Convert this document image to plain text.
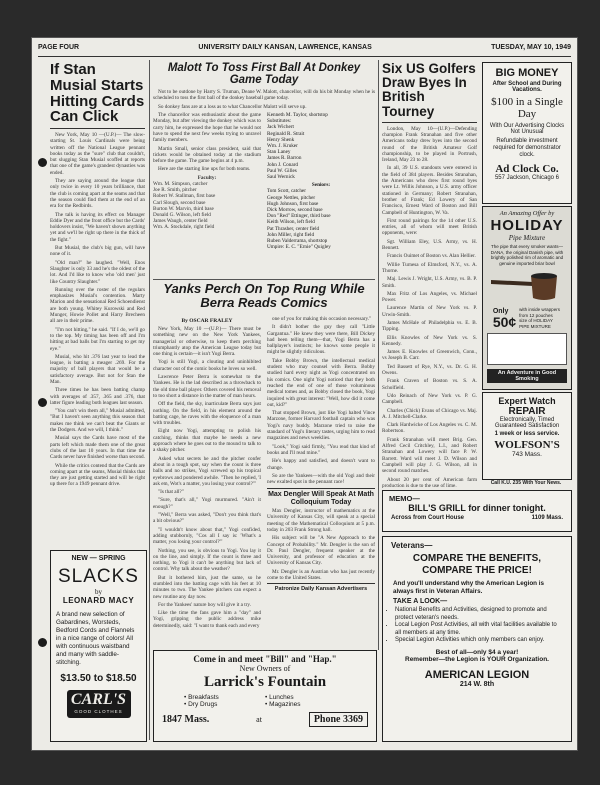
PAGE FOUR	UNIVERSITY DAILY KANSAN, LAWRENCE, KANSAS	TUESDAY, MAY 10, 1949
If Stan Musial Starts Hitting Cards Can Click

New York, May 10 —(U.P.)— The slow-starting St. Louis Cardinals were being written off the National League pennant books today as the "sure" club that couldn't, but slugging Stan Musial scoffed at reports that one of the game's grandest dynasties was ended.

They are saying around the league that only twice in every 10 years brilliance, that the club is coming apart at the seams and that the season could find them at the end of an era for the Redbirds.

The talk is having its effect on Manager Eddie Dyer and the front office but the Cards' holdovers insist, "We haven't shown anything yet and we'll be right up there in the thick of the fight."

But Musial, the club's big gun, will have none of it.

"Old man?" he laughed. "Well, Enos Slaughter is only 33 and he's the oldest of the lot. And I'd like to know who 'old men' just like Country Slaughter."

Running over the roster of the regulars emphasizes Musial's contention. Marty Marion and the sensational Red Schoendienst are both young. Whitey Kurowski and Red Munger, Howie Pollet and Harry Brecheen all are in their prime.

"I'm not hitting," he said. "If I do, we'll go to the top. My timing has been off and I'm hitting at bad balls but I'm starting to get my eye."

Musial, who hit .376 last year to lead the league, is batting a meager .269. For the majority of ball players that would be a satisfactory average. But not for Stan the Man.

Three times he has been batting champ with averages of .357, .365 and .376, that latter figure leading both leagues last season.

"You can't win them all," Musial admitted, "But I haven't seen anything this season that makes me think we can't beat the Giants or the Dodgers. And we will, I think."

Musial says the Cards have most of the parts left which made them one of the great clubs of the last 10 years. In that time the Cards never have finished worse than second.

While the critics contend that the Cards are coming apart at the seams, Musial thinks that they are just getting started and will be right up there for a 1949 pennant drive.

NEW — SPRING
SLACKS
by
LEONARD MACY
A brand new selection of Gabardines, Worsteds, Bedford Cords and Flannels in a nice range of colors! All with continuous waistband and many with saddle-stitching.
$13.50 to $18.50
CARL'S
GOOD CLOTHES
Malott To Toss First Ball At Donkey Game Today

Not to be outdone by Harry S. Truman, Deane W. Malott, chancellor, will do his bit Monday when he is scheduled to toss the first ball of the donkey baseball game today.

So donkey fans are at a loss as to what Chancellor Malott will serve up.

The chancellor was enthusiastic about the game Monday, but after viewing the donkey which was to carry him, he expressed the hope that he would not have to spend the next few weeks trying to unravel family members.

Martin Small, senior class president, said that tickets would be obtained today at the stadium before the game. The game begins at 4 p.m.

Here are the starting line ups for both teams.

Faculty:
Wm. M. Simpson, catcher
Joe R. Smith, pitcher
Robert W. Stallman, first base
Carl Slough, second base
Burton W. Marvin, third base
Donald G. Wilson, left field
James Waugh, center field
Wm. A. Stockdale, right field
Kenneth M. Taylor, shortstop
Substitutes:
Jack Wichert
Reginald R. Strait
Henry Shenk
Wm. J. Kruker
Stan Laney
James R. Barron
John J. Conard
Paul W. Gilles
Saul Wernick
Seniors:
Tom Scott, catcher
George Nettles, pitcher
Hugh Johnson, first base
Dick Morrow, second base
Don "Red" Ettinger, third base
Keith Wilson, left field
Pat Thrasher, center field
John Miller, right field
Ruben Valderrama, shortstop
Umpire: E. C. "Ernie" Quigley
Yanks Perch On Top Rung While Berra Reads Comics
By OSCAR FRALEY

New York, May 10 —(U.P.)— There must be something new on the New York Yankees, managerial or otherwise, to keep them perching triumphantly atop the American League today but one thing is certain—it isn't Yogi Berra.

Yogi is still Yogi, a clouting and uninhibited character out of the comic books he loves so well.

Lawrence Peter Berra is somewhat to the Yankees. He is the lad described as a throwback to the old time ball player. Others covered his removal to too short a distance in the matter of man hours.

Off the field, the sky, inarticulate Berra says just nothing. On the field, in his element around the batting cage, he raves with the eloquence of a man with troubles.

Eight now Yogi, attempting to polish his catching, thinks that maybe he needs a new approach where he goes out to the mound to talk to a shaky pitcher.

Asked what secrets he and the pitcher confer about in a tough spot, say when the count is three balls and no strikes, Yogi screwed up his tropical eyebrows and pondered awhile. "Then he replied, 'I ask em, Wot's a matter, you losing your control?'"

"Is that all?"

"Sure, that's all," Yogi murmured. "Ain't it enough?"

"Well," Berra was asked, "Don't you think that's a bit obvious?"

"I wouldn't know about that," Yogi confided, adding stubbornly, "Cos all I say is: 'What's a matter, you losing your control?'"

Nothing, you see, is obvious to Yogi. You lay it on the line, and simply. If the count is three and nothing, to Yogi it can't be anything but lack of control. Why talk about the weather?

But it bothered him, just the same, so he stumbled into the batting cage with his feet at 10 minutes to two. The Yankee pitchers can expect a new routine any day now.

For the Yankees' nature boy will give it a try.

Like the time the fans gave him a "day" and Yogi, gripping the public address mike determinedly, said: "I want to thank each and every

one of you for making this occasion necessary."

It didn't bother the guy they call "Little Gargantua." He knew they were there, Bill Dickey had been telling them—that, Yogi Berra has a ballplayer's instincts; he knows some people it might be slightly ridiculous.

Take Bobby Brown, the intellectual medical student who may counsel with Berra. Bobby studied hard every night as Yogi concentrated on his comics. One night Yogi noticed that they both reached the end of one of those voluminous medical tomes and, as Bobby closed the book, Yogi inquired with great interest: "Well, how did it come out, kid?"

That stopped Brown, just like Yogi halted Vince Marzone, former Harvard football captain who was Yogi's navy buddy. Marzone tried to raise the standard of Yogi's literary tastes, urging him to read magazines and news weeklies.

"Look," Yogi said firmly, "You read that kind of books and I'll read mine."

He's happy and satisfied, and doesn't want to change.

So are the Yankees—with the old Yogi and their new exalted spot in the pennant race!

Max Dengler Will Speak At Math Colloquium Today

Max Dengler, instructor of mathematics at the University of Kansas City, will speak at a special meeting of the Mathematical Colloquium at 5 p.m. today in 203 Frank Strong hall.

His subject will be "A New Approach to the Concept of Probability." Mr. Dengler is the son of Dr. Paul Dengler, frequent speaker at the University, and professor of education at the University of Kansas City.

Mr. Dengler is an Austrian who has just recently come to the United States.

Patronize Daily Kansan Advertisers
Come in and meet "Bill" and "Hap."
New Owners of
Larrick's Fountain
• Breakfasts	• Lunches
• Dry Drugs	• Magazines
1847 Mass.	at	Phone 3369
Six US Golfers Draw Byes In British Tourney

London, May 10—(U.P.)—Defending champion Frank Stranahan and five other Americans today drew byes into the second round of the British Amateur Golf championship, to be played in Portrush, Ireland, May 23 to 28.

In all, 39 U.S. standouts were entered in the field of 384 players. Besides Stranahan, the Americans who drew first round byes were Lt. Willis Johnson, a U.S. army officer stationed in Germany; Robert Stranahan, brother of Frank; Ed Lowery of San Francisco, Ernest Ward of Boston and Bill Campbell of Huntington, W. Va.

First round pairings for the 14 other U.S. entries, all of whom will meet British opponents, were:

Sgt. William Eley, U.S. Army, vs. H. Bennett.

Francis Ouimet of Boston vs. Alan Hellier.

Willie Turnesa of Elmsford, N.Y., vs. A. Thorne.

Maj. Lewis J. Wright, U.S. Army, vs. B. P. Smith.

Max Fritz of Los Angeles, vs. Michael Power.

Laurence Martin of New York vs. P. Urwin-Smith.

James McHale of Philadelphia vs. E. B. Tipping.

Ellis Knowles of New York vs. S. Kennedy.

James E. Knowles of Greenwich, Conn., vs Joseph B. Carr.

Ted Bassett of Rye, N.Y., vs. Dr. G. H. Owens.

Frank Craven of Boston vs. S. A. Scholfield.

Udo Reinach of New York vs. P. G. Campbell.

Charles (Chick) Evans of Chicago vs. Maj. A. J. Mitchell-Clarke.

Clark Hardwicke of Los Angeles vs. C. M. Robertson.

Frank Stranahan will meet Brig. Gen. Alfred Cecil Critchley, L.I., and Robert Stranahan and Lowery will face P. W. Barrett. Ward will meet J. D. Wilson and Campbell will play J. G. Wilson, all in second round matches.

About 20 per cent of American farm production is due to the use of lime.

BIG MONEY
After School and During Vacations.
$100 in a Single Day
With Our Advertising Clocks Not Unusual
Refundable investment required for demonstrator clock.
Ad Clock Co.
557 Jackson, Chicago 6
An Amazing Offer by
HOLIDAY
Pipe Mixture
The pipe that every smoker wants—DANA, the original Danish pipe, with brightly polished rim of aromatic and genuine imported briar bowl
Only
50¢
with inside wrappers from 12 pouches size of HOLIDAY PIPE MIXTURE
An Adventure in Good Smoking
Expert Watch
REPAIR
Electronically, Timed
Guaranteed Satisfaction
1 week or less service.
WOLFSON'S
743 Mass.
Call K.U. 235 With Your News.
MEMO—
BILL'S GRILL for dinner tonight.
Across from Court House	1109 Mass.
Veterans—
COMPARE THE BENEFITS, COMPARE THE PRICE!
And you'll understand why the American Legion is always first in Veteran Affairs.
TAKE A LOOK—
• National Benefits and Activities, designed to promote and protect veteran's needs.
• Local Legion Post Activities, all with vital facilities available to all members at any time.
• Special Legion Activities which only members can enjoy.
Best of all—only $4 a year!
Remember—the Legion is YOUR Organization.
AMERICAN LEGION
214 W. 8th
